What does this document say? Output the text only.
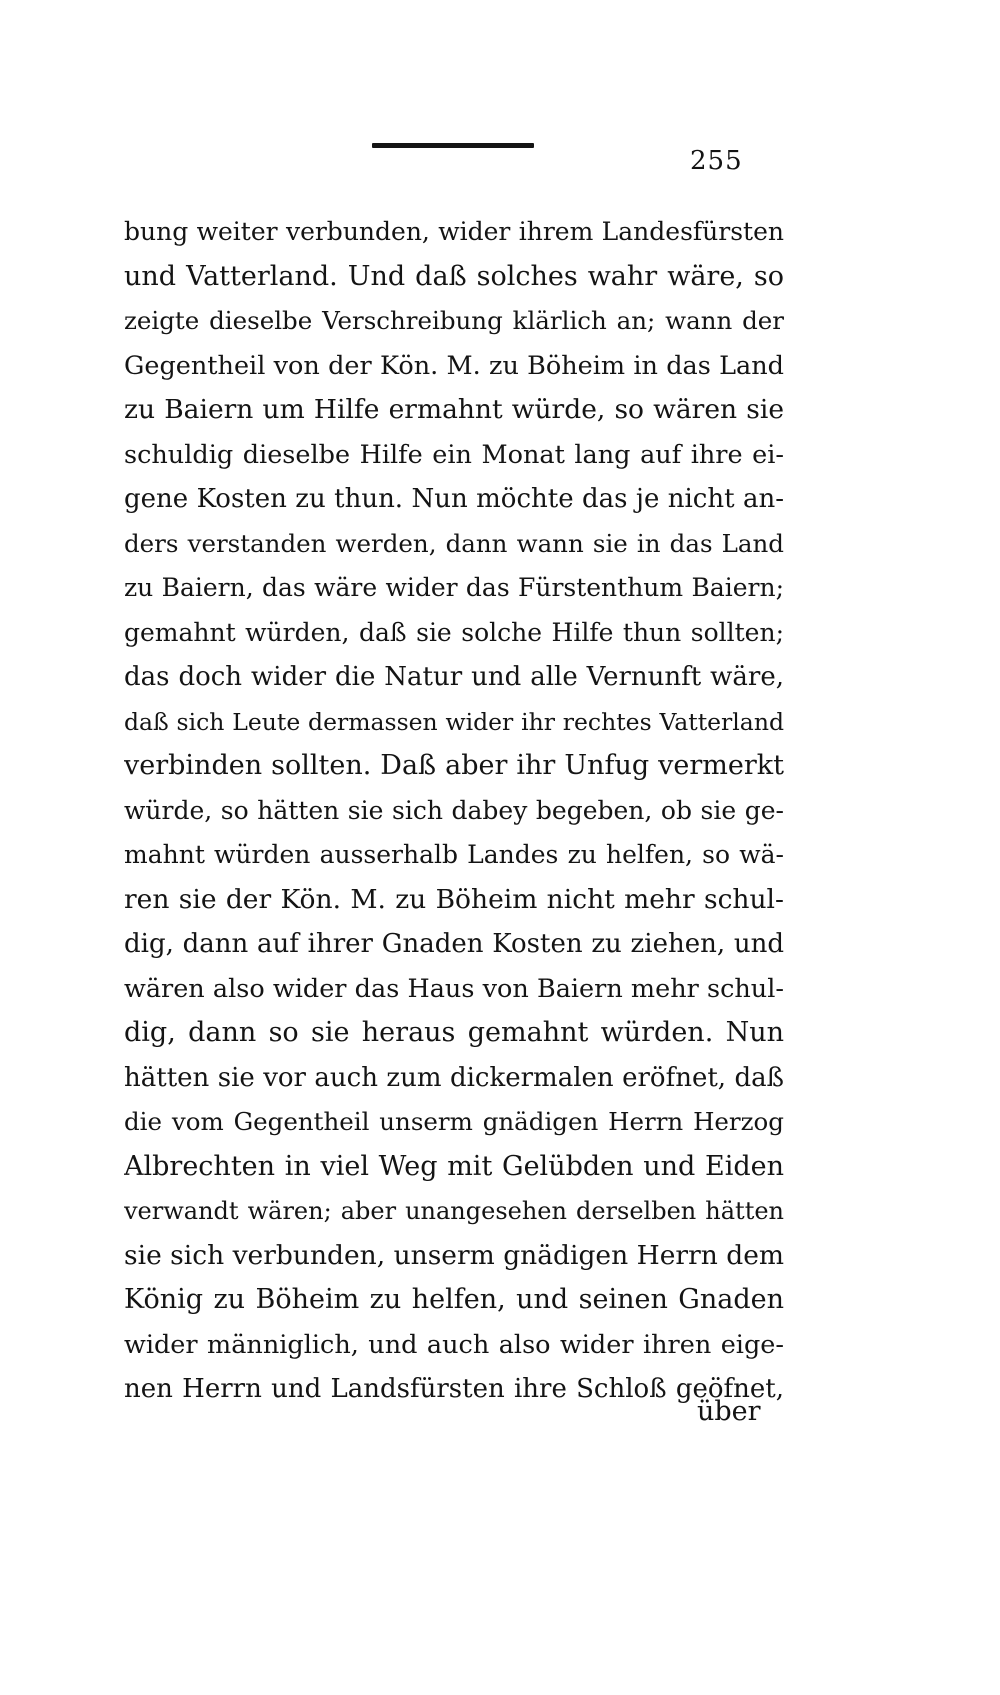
255
bung weiter verbunden, wider ihrem Landesfürsten
und Vatterland. Und daß solches wahr wäre, so
zeigte dieselbe Verschreibung klärlich an; wann der
Gegentheil von der Kön. M. zu Böheim in das Land
zu Baiern um Hilfe ermahnt würde, so wären sie
schuldig dieselbe Hilfe ein Monat lang auf ihre ei-
gene Kosten zu thun. Nun möchte das je nicht an-
ders verstanden werden, dann wann sie in das Land
zu Baiern, das wäre wider das Fürstenthum Baiern;
gemahnt würden, daß sie solche Hilfe thun sollten;
das doch wider die Natur und alle Vernunft wäre,
daß sich Leute dermassen wider ihr rechtes Vatterland
verbinden sollten. Daß aber ihr Unfug vermerkt
würde, so hätten sie sich dabey begeben, ob sie ge-
mahnt würden ausserhalb Landes zu helfen, so wä-
ren sie der Kön. M. zu Böheim nicht mehr schul-
dig, dann auf ihrer Gnaden Kosten zu ziehen, und
wären also wider das Haus von Baiern mehr schul-
dig, dann so sie heraus gemahnt würden. Nun
hätten sie vor auch zum dickermalen eröfnet, daß
die vom Gegentheil unserm gnädigen Herrn Herzog
Albrechten in viel Weg mit Gelübden und Eiden
verwandt wären; aber unangesehen derselben hätten
sie sich verbunden, unserm gnädigen Herrn dem
König zu Böheim zu helfen, und seinen Gnaden
wider männiglich, und auch also wider ihren eige-
nen Herrn und Landsfürsten ihre Schloß geöfnet,
über
